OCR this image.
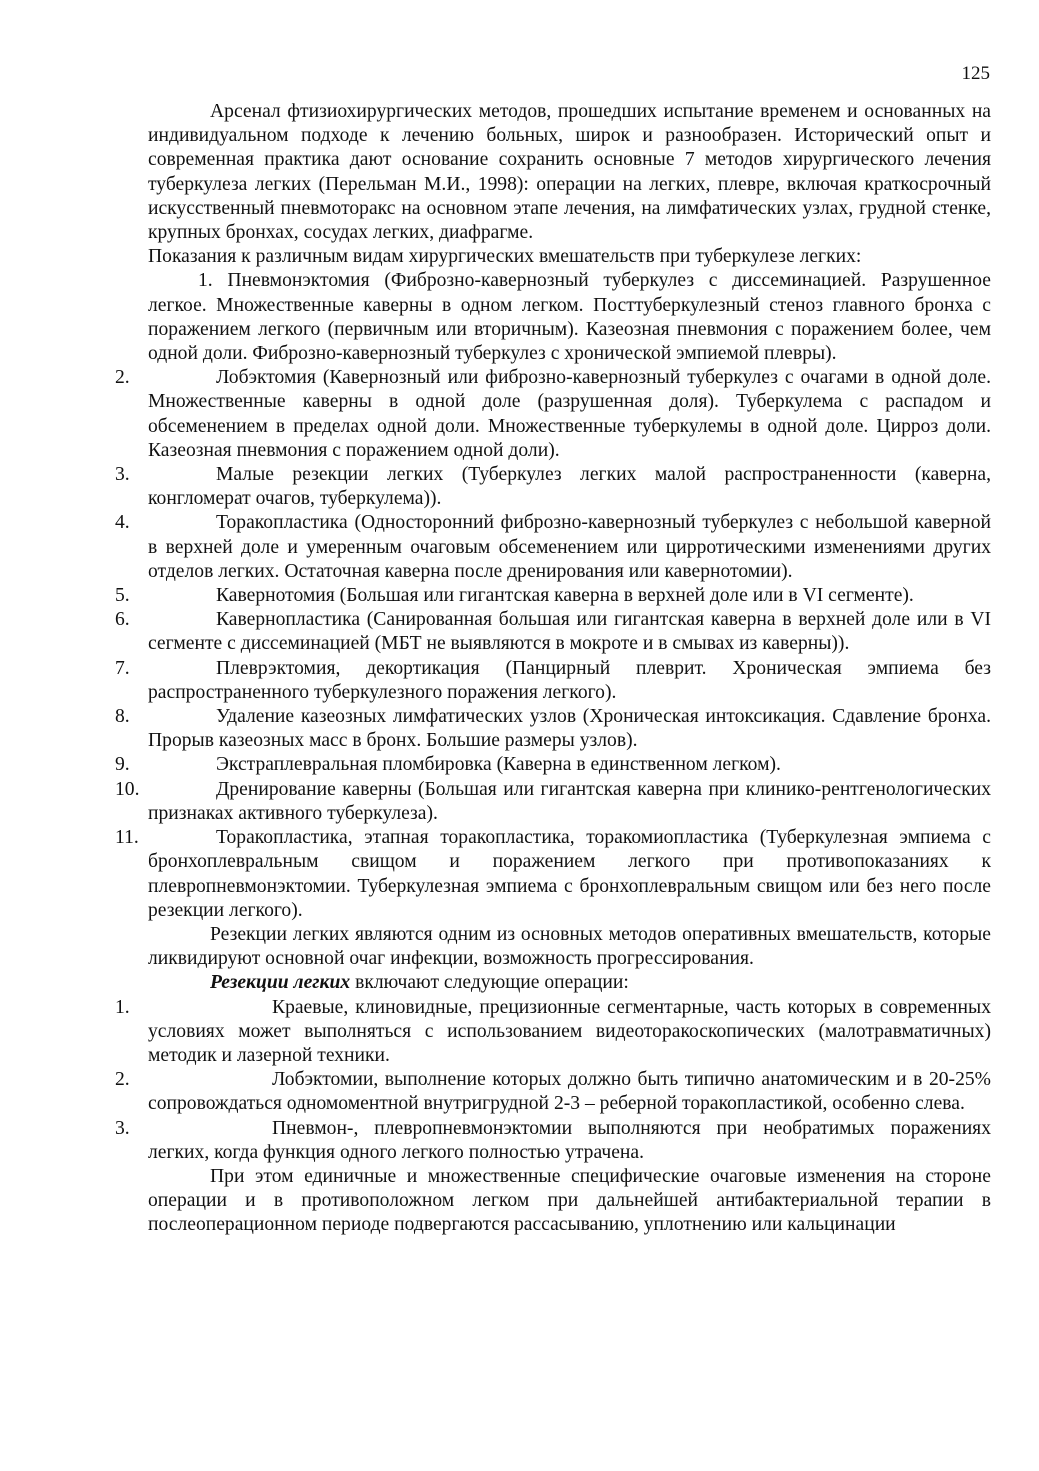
125

Арсенал фтизиохирургических методов, прошедших испытание временем и основанных на индивидуальном подходе к лечению больных, широк и разнообразен. Исторический опыт и современная практика дают основание сохранить основные 7 методов хирургического лечения туберкулеза легких (Перельман М.И., 1998): операции на легких, плевре, включая краткосрочный искусственный пневмоторакс на основном этапе лечения, на лимфатических узлах, грудной стенке, крупных бронхах, сосудах легких, диафрагме.

Показания к различным видам хирургических вмешательств при туберкулезе легких:

1. Пневмонэктомия (Фиброзно-кавернозный туберкулез с диссеминацией. Разрушенное легкое. Множественные каверны в одном легком. Посттуберкулезный стеноз главного бронха с поражением легкого (первичным или вторичным). Казеозная пневмония с поражением более, чем одной доли. Фиброзно-кавернозный туберкулез с хронической эмпиемой плевры).

2.	Лобэктомия (Кавернозный или фиброзно-кавернозный туберкулез с очагами в одной доле. Множественные каверны в одной доле (разрушенная доля). Туберкулема с распадом и обсеменением в пределах одной доли. Множественные туберкулемы в одной доле. Цирроз доли. Казеозная пневмония с поражением одной доли).

3.	Малые резекции легких (Туберкулез легких малой распространенности (каверна, конгломерат очагов, туберкулема)).

4.	Торакопластика (Односторонний фиброзно-кавернозный туберкулез с небольшой каверной в верхней доле и умеренным очаговым обсеменением или цирротическими изменениями других отделов легких. Остаточная каверна после дренирования или кавернотомии).

5.	Кавернотомия (Большая или гигантская каверна в верхней доле или в VI сегменте).

6.	Кавернопластика (Санированная большая или гигантская каверна в верхней доле или в VI сегменте с диссеминацией (МБТ не выявляются в мокроте и в смывах из каверны)).

7.	Плеврэктомия, декортикация (Панцирный плеврит. Хроническая эмпиема без распространенного туберкулезного поражения легкого).

8.	Удаление казеозных лимфатических узлов (Хроническая интоксикация. Сдавление бронха. Прорыв казеозных масс в бронх. Большие размеры узлов).

9.	Экстраплевральная пломбировка (Каверна в единственном легком).

10.	Дренирование каверны (Большая или гигантская каверна при клинико-рентгенологических признаках активного туберкулеза).

11.	Торакопластика, этапная торакопластика, торакомиопластика (Туберкулезная эмпиема с бронхоплевральным свищом и поражением легкого при противопоказаниях к плевропневмонэктомии. Туберкулезная эмпиема с бронхоплевральным свищом или без него после резекции легкого).

Резекции легких являются одним из основных методов оперативных вмешательств, которые ликвидируют основной очаг инфекции, возможность прогрессирования.

Резекции легких включают следующие операции:

1.	Краевые, клиновидные, прецизионные сегментарные, часть которых в современных условиях может выполняться с использованием видеоторакоскопических (малотравматичных) методик и лазерной техники.

2.	Лобэктомии, выполнение которых должно быть типично анатомическим и в 20-25% сопровождаться одномоментной внутригрудной 2-3 – реберной торакопластикой, особенно слева.

3.	Пневмон-, плевропневмонэктомии выполняются при необратимых поражениях легких, когда функция одного легкого полностью утрачена.

При этом единичные и множественные специфические очаговые изменения на стороне операции и в противоположном легком при дальнейшей антибактериальной терапии в послеоперационном периоде подвергаются рассасыванию, уплотнению или кальцинации
